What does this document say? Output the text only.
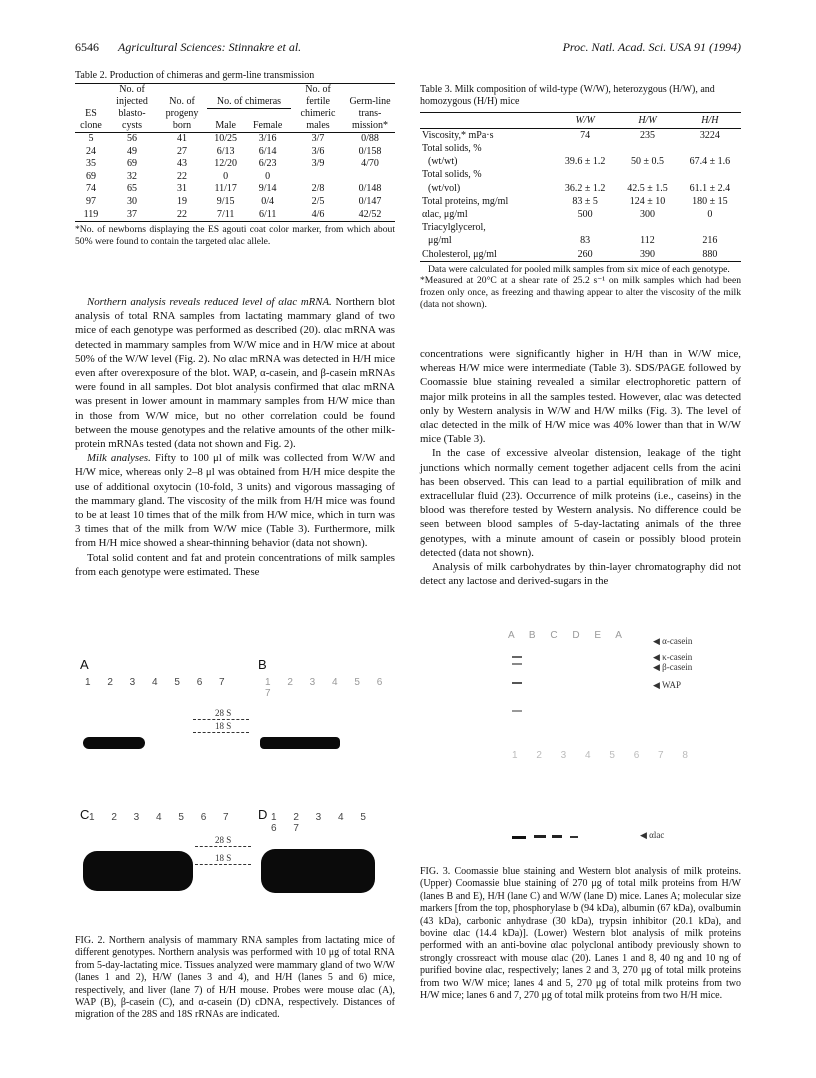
6546 Agricultural Sciences: Stinnakre et al.	Proc. Natl. Acad. Sci. USA 91 (1994)
Table 2. Production of chimeras and germ-line transmission
ES clone	No. of injected blasto-cysts	No. of progeny born	No. of chimeras		No. of fertile chimeric males	Germ-line trans-mission*
			Male	Female		

5	56	41	10/25	3/16	3/7	0/88
24	49	27	6/13	6/14	3/6	0/158
35	69	43	12/20	6/23	3/9	4/70
69	32	22	0	0		
74	65	31	11/17	9/14	2/8	0/148
97	30	19	9/15	0/4	2/5	0/147
119	37	22	7/11	6/11	4/6	42/52
*No. of newborns displaying the ES agouti coat color marker, from which about 50% were found to contain the targeted αlac allele.

Northern analysis reveals reduced level of αlac mRNA. Northern blot analysis of total RNA samples from lactating mammary gland of two mice of each genotype was performed as described (20). αlac mRNA was detected in mammary samples from W/W mice and in H/W mice at about 50% of the W/W level (Fig. 2). No αlac mRNA was detected in H/H mice even after overexposure of the blot. WAP, α-casein, and β-casein mRNAs were found in all samples. Dot blot analysis confirmed that αlac mRNA was present in lower amount in mammary samples from H/W mice than in those from W/W mice, but no other correlation could be found between the mouse genotypes and the relative amounts of the other milk-protein mRNAs tested (data not shown and Fig. 2).

Milk analyses. Fifty to 100 μl of milk was collected from W/W and H/W mice, whereas only 2–8 μl was obtained from H/H mice despite the use of additional oxytocin (10-fold, 3 units) and vigorous massaging of the mammary gland. The viscosity of the milk from H/H mice was found to be at least 10 times that of the milk from H/W mice, which in turn was 3 times that of the milk from W/W mice (Table 3). Furthermore, milk from H/H mice showed a shear-thinning behavior (data not shown).

Total solid content and fat and protein concentrations of milk samples from each genotype were estimated. These

A
1 2 3 4 5 6 7
B
1 2 3 4 5 6 7
28 S
18 S
C 1 2 3 4 5 6 7 D 1 2 3 4 5 6 7
28 S
18 S
FIG. 2. Northern analysis of mammary RNA samples from lactating mice of different genotypes. Northern analysis was performed with 10 μg of total RNA from 5-day-lactating mice. Tissues analyzed were mammary gland of two W/W (lanes 1 and 2), H/W (lanes 3 and 4), and H/H (lanes 5 and 6) mice, respectively, and liver (lane 7) of H/H mouse. Probes were mouse αlac (A), WAP (B), β-casein (C), and α-casein (D) cDNA, respectively. Distances of migration of the 28S and 18S rRNAs are indicated.
Table 3. Milk composition of wild-type (W/W), heterozygous (H/W), and homozygous (H/H) mice
	W/W	H/W	H/H

Viscosity,* mPa·s	74	235	3224
Total solids, %			
(wt/wt)	39.6 ± 1.2	50 ± 0.5	67.4 ± 1.6
Total solids, %			
(wt/vol)	36.2 ± 1.2	42.5 ± 1.5	61.1 ± 2.4
Total proteins, mg/ml	83 ± 5	124 ± 10	180 ± 15
αlac, μg/ml	500	300	0
Triacylglycerol,			
μg/ml	83	112	216
Cholesterol, μg/ml	260	390	880
Data were calculated for pooled milk samples from six mice of each genotype.
*Measured at 20°C at a shear rate of 25.2 s⁻¹ on milk samples which had been frozen only once, as freezing and thawing appear to alter the viscosity of the milk (data not shown).

concentrations were significantly higher in H/H than in W/W mice, whereas H/W mice were intermediate (Table 3). SDS/PAGE followed by Coomassie blue staining revealed a similar electrophoretic pattern of major milk proteins in all the samples tested. However, αlac was detected only by Western analysis in W/W and H/W milks (Fig. 3). The level of αlac detected in the milk of H/W mice was 40% lower than that in W/W mice (Table 3).

In the case of excessive alveolar distension, leakage of the tight junctions which normally cement together adjacent cells from the acini has been observed. This can lead to a partial equilibration of milk and extracellular fluid (23). Occurrence of milk proteins (i.e., caseins) in the blood was therefore tested by Western analysis. No difference could be seen between blood samples of 5-day-lactating animals of the three genotypes, with a minute amount of casein or possibly blood protein detected (data not shown).

Analysis of milk carbohydrates by thin-layer chromatography did not detect any lactose and derived-sugars in the

A B C D E A	◀ α-casein
◀ κ-casein
◀ β-casein
◀ WAP
1 2 3 4 5 6 7 8
◀ αlac
FIG. 3. Coomassie blue staining and Western blot analysis of milk proteins. (Upper) Coomassie blue staining of 270 μg of total milk proteins from H/W (lanes B and E), H/H (lane C) and W/W (lane D) mice. Lanes A; molecular size markers [from the top, phosphorylase b (94 kDa), albumin (67 kDa), ovalbumin (43 kDa), carbonic anhydrase (30 kDa), trypsin inhibitor (20.1 kDa), and bovine αlac (14.4 kDa)]. (Lower) Western blot analysis of milk proteins performed with an anti-bovine αlac polyclonal antibody previously shown to strongly crossreact with mouse αlac (20). Lanes 1 and 8, 40 ng and 10 ng of purified bovine αlac, respectively; lanes 2 and 3, 270 μg of total milk proteins from two W/W mice; lanes 4 and 5, 270 μg of total milk proteins from two H/W mice; lanes 6 and 7, 270 μg of total milk proteins from two H/H mice.
